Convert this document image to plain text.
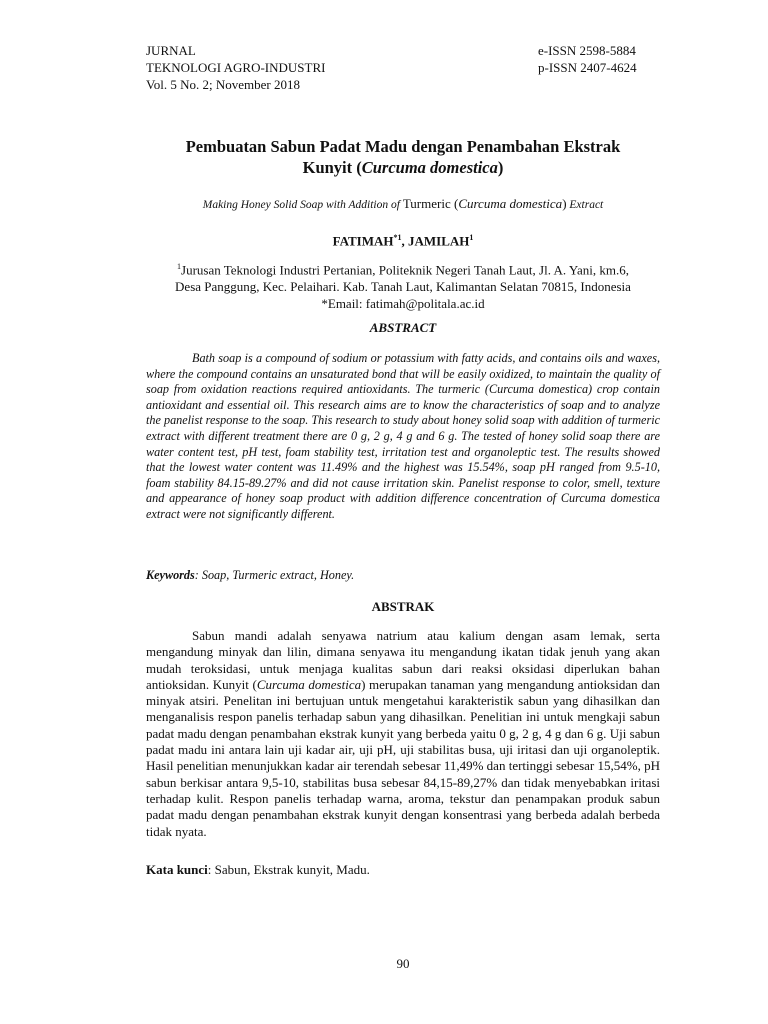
JURNAL
TEKNOLOGI AGRO-INDUSTRI
Vol. 5 No. 2; November 2018
e-ISSN 2598-5884
p-ISSN 2407-4624
Pembuatan Sabun Padat Madu dengan Penambahan Ekstrak
Kunyit (Curcuma domestica)
Making Honey Solid Soap with Addition of Turmeric (Curcuma domestica) Extract
FATIMAH$^{*1}$, JAMILAH$^1$
$^1$Jurusan Teknologi Industri Pertanian, Politeknik Negeri Tanah Laut, Jl. A. Yani, km.6,
Desa Panggung, Kec. Pelaihari. Kab. Tanah Laut, Kalimantan Selatan 70815, Indonesia
*Email: fatimah@politala.ac.id
ABSTRACT

Bath soap is a compound of sodium or potassium with fatty acids, and contains oils and waxes, where the compound contains an unsaturated bond that will be easily oxidized, to maintain the quality of soap from oxidation reactions required antioxidants. The turmeric (Curcuma domestica) crop contain antioxidant and essential oil. This research aims are to know the characteristics of soap and to analyze the panelist response to the soap. This research to study about honey solid soap with addition of turmeric extract with different treatment there are 0 g, 2 g, 4 g and 6 g. The tested of honey solid soap there are water content test, pH test, foam stability test, irritation test and organoleptic test. The results showed that the lowest water content was 11.49% and the highest was 15.54%, soap pH ranged from 9.5-10, foam stability 84.15-89.27% and did not cause irritation skin. Panelist response to color, smell, texture and appearance of honey soap product with addition difference concentration of Curcuma domestica extract were not significantly different.

Keywords: Soap, Turmeric extract, Honey.
ABSTRAK

Sabun mandi adalah senyawa natrium atau kalium dengan asam lemak, serta mengandung minyak dan lilin, dimana senyawa itu mengandung ikatan tidak jenuh yang akan mudah teroksidasi, untuk menjaga kualitas sabun dari reaksi oksidasi diperlukan bahan antioksidan. Kunyit (Curcuma domestica) merupakan tanaman yang mengandung antioksidan dan minyak atsiri. Penelitan ini bertujuan untuk mengetahui karakteristik sabun yang dihasilkan dan menganalisis respon panelis terhadap sabun yang dihasilkan. Penelitian ini untuk mengkaji sabun padat madu dengan penambahan ekstrak kunyit yang berbeda yaitu 0 g, 2 g, 4 g dan 6 g. Uji sabun padat madu ini antara lain uji kadar air, uji pH, uji stabilitas busa, uji iritasi dan uji organoleptik. Hasil penelitian menunjukkan kadar air terendah sebesar 11,49% dan tertinggi sebesar 15,54%, pH sabun berkisar antara 9,5-10, stabilitas busa sebesar 84,15-89,27% dan tidak menyebabkan iritasi terhadap kulit. Respon panelis terhadap warna, aroma, tekstur dan penampakan produk sabun padat madu dengan penambahan ekstrak kunyit dengan konsentrasi yang berbeda adalah berbeda tidak nyata.

Kata kunci: Sabun, Ekstrak kunyit, Madu.
90
